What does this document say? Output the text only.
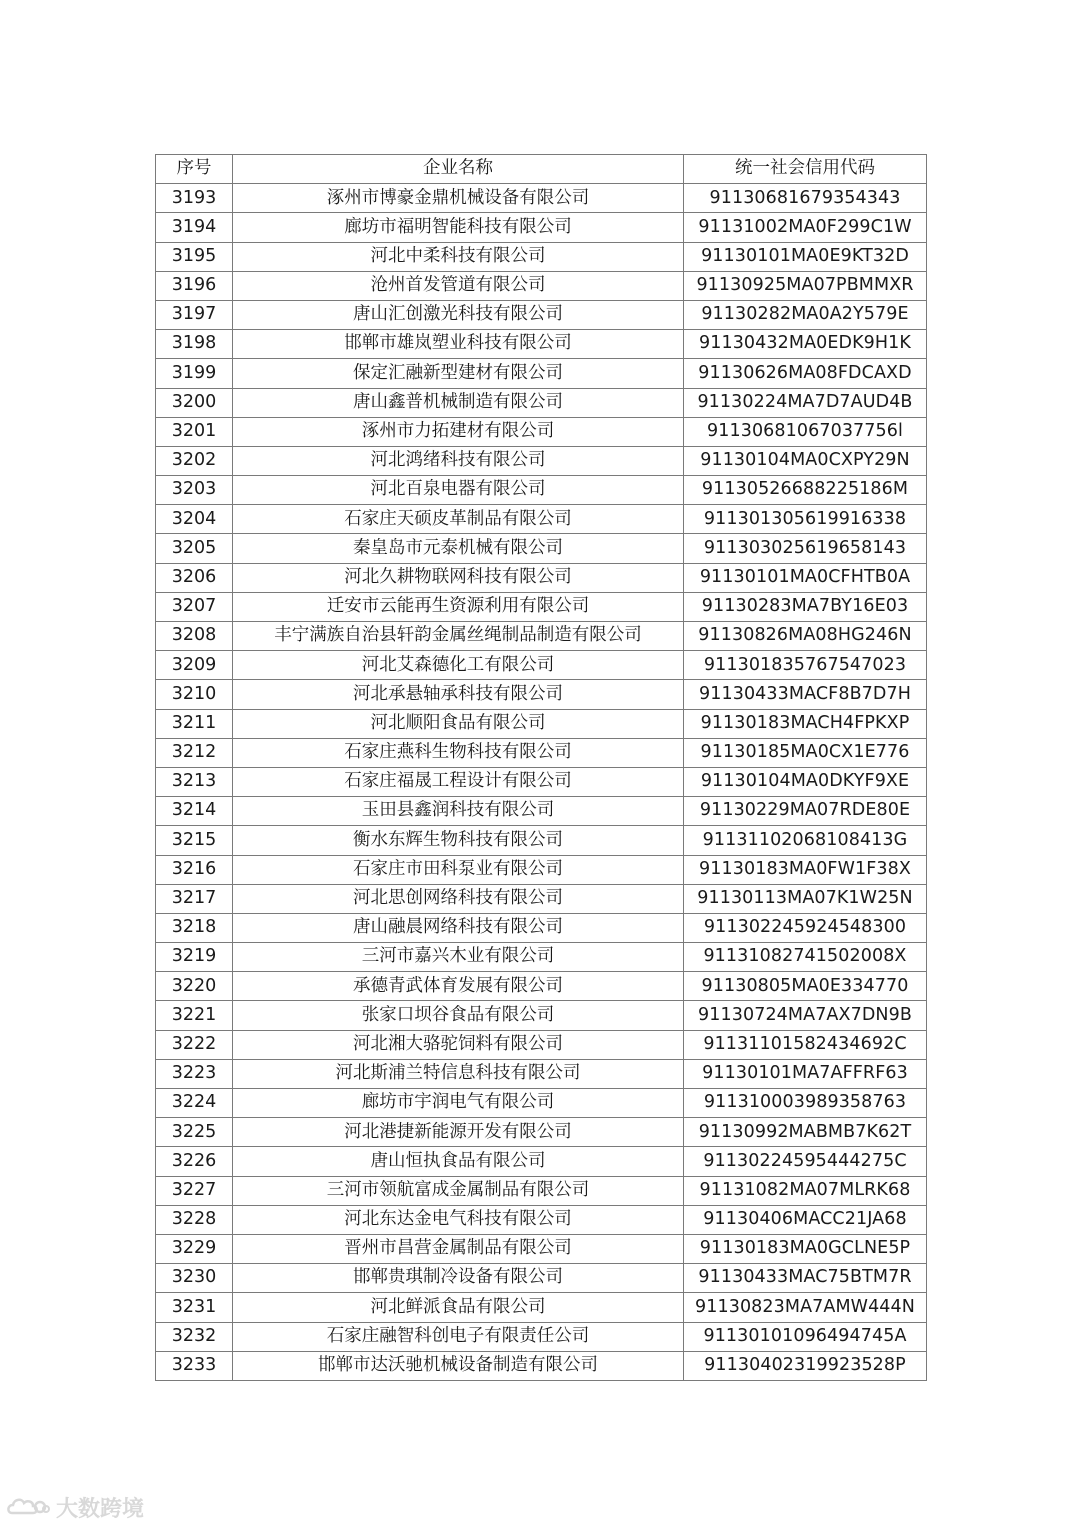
序号	企业名称	统一社会信用代码
3193	涿州市博豪金鼎机械设备有限公司	91130681679354343
3194	廊坊市福明智能科技有限公司	91131002MA0F299C1W
3195	河北中柔科技有限公司	91130101MA0E9KT32D
3196	沧州首发管道有限公司	91130925MA07PBMMXR
3197	唐山汇创激光科技有限公司	91130282MA0A2Y579E
3198	邯郸市雄岚塑业科技有限公司	91130432MA0EDK9H1K
3199	保定汇融新型建材有限公司	91130626MA08FDCAXD
3200	唐山鑫普机械制造有限公司	91130224MA7D7AUD4B
3201	涿州市力拓建材有限公司	91130681067037756l
3202	河北鸿绪科技有限公司	91130104MA0CXPY29N
3203	河北百泉电器有限公司	91130526688225186M
3204	石家庄天硕皮革制品有限公司	911301305619916338
3205	秦皇岛市元泰机械有限公司	911303025619658143
3206	河北久耕物联网科技有限公司	91130101MA0CFHTB0A
3207	迁安市云能再生资源利用有限公司	91130283MA7BY16E03
3208	丰宁满族自治县轩韵金属丝绳制品制造有限公司	91130826MA08HG246N
3209	河北艾森德化工有限公司	911301835767547023
3210	河北承悬轴承科技有限公司	91130433MACF8B7D7H
3211	河北顺阳食品有限公司	91130183MACH4FPKXP
3212	石家庄燕科生物科技有限公司	91130185MA0CX1E776
3213	石家庄福晟工程设计有限公司	91130104MA0DKYF9XE
3214	玉田县鑫润科技有限公司	91130229MA07RDE80E
3215	衡水东辉生物科技有限公司	91131102068108413G
3216	石家庄市田科泵业有限公司	91130183MA0FW1F38X
3217	河北思创网络科技有限公司	91130113MA07K1W25N
3218	唐山融晨网络科技有限公司	911302245924548300
3219	三河市嘉兴木业有限公司	91131082741502008X
3220	承德青武体育发展有限公司	91130805MA0E334770
3221	张家口坝谷食品有限公司	91130724MA7AX7DN9B
3222	河北湘大骆驼饲料有限公司	91131101582434692C
3223	河北斯浦兰特信息科技有限公司	91130101MA7AFFRF63
3224	廊坊市宇润电气有限公司	911310003989358763
3225	河北港捷新能源开发有限公司	91130992MABMB7K62T
3226	唐山恒执食品有限公司	91130224595444275C
3227	三河市领航富成金属制品有限公司	91131082MA07MLRK68
3228	河北东达金电气科技有限公司	91130406MACC21JA68
3229	晋州市昌营金属制品有限公司	91130183MA0GCLNE5P
3230	邯郸贵琪制冷设备有限公司	91130433MAC75BTM7R
3231	河北鲜派食品有限公司	91130823MA7AMW444N
3232	石家庄融智科创电子有限责任公司	91130101096494745A
3233	邯郸市达沃驰机械设备制造有限公司	91130402319923528P
大数跨境
